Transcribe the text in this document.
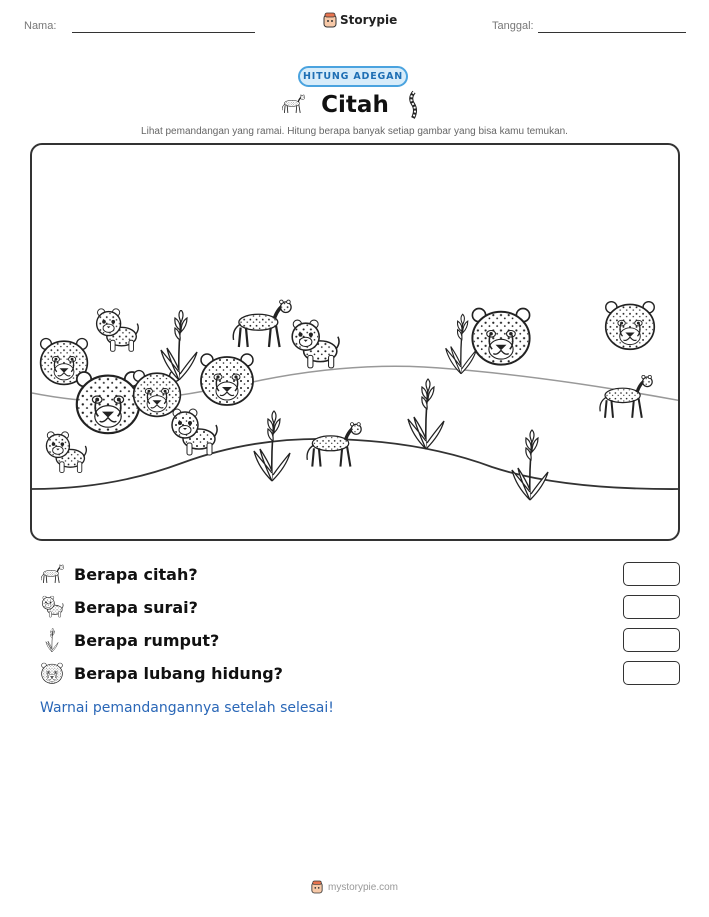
Nama:	Storypie	Tanggal:
HITUNG ADEGAN
Citah
Lihat pemandangan yang ramai. Hitung berapa banyak setiap gambar yang bisa kamu temukan.
Berapa citah?
Berapa surai?
Berapa rumput?
Berapa lubang hidung?
Warnai pemandangannya setelah selesai!
mystorypie.com
